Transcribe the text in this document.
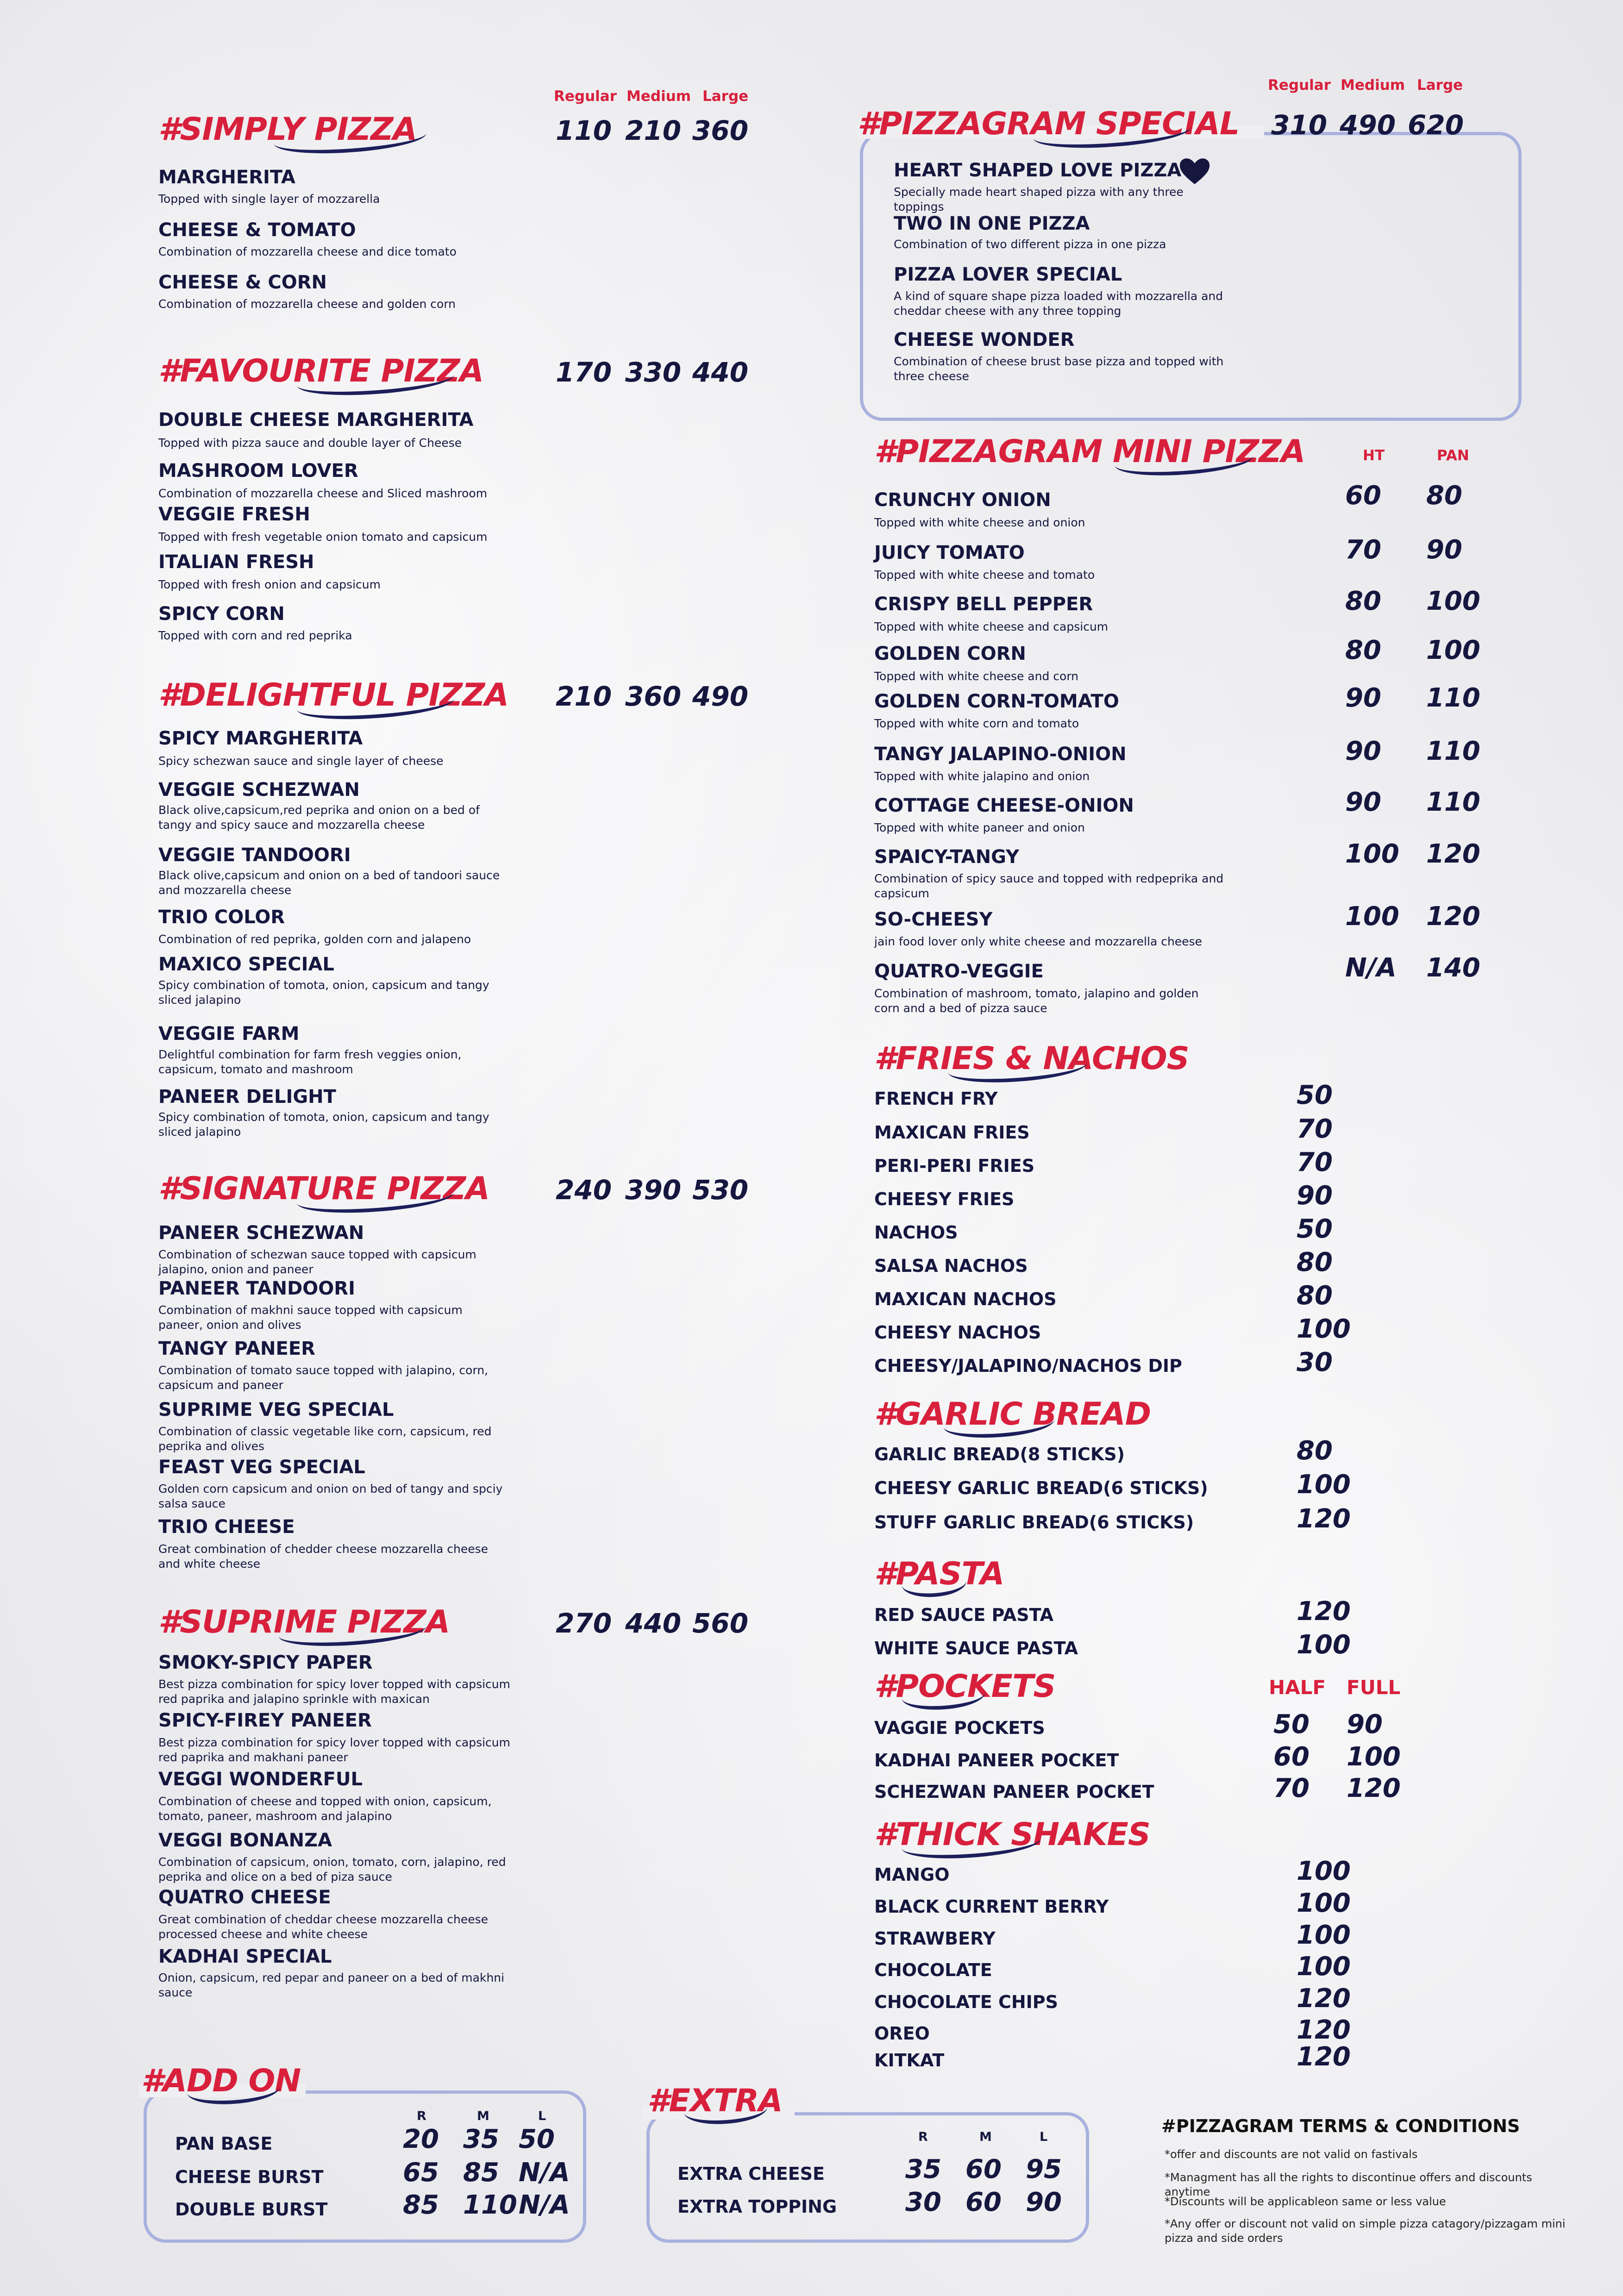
Regular Medium Large
#SIMPLY PIZZA	110 210 360
MARGHERITA
Topped with single layer of mozzarella
CHEESE & TOMATO
Combination of mozzarella cheese and dice tomato
CHEESE & CORN
Combination of mozzarella cheese and golden corn
#FAVOURITE PIZZA	170 330 440
DOUBLE CHEESE MARGHERITA
Topped with pizza sauce and double layer of Cheese
MASHROOM LOVER
Combination of mozzarella cheese and Sliced mashroom
VEGGIE FRESH
Topped with fresh vegetable onion tomato and capsicum
ITALIAN FRESH
Topped with fresh onion and capsicum
SPICY CORN
Topped with corn and red peprika
#DELIGHTFUL PIZZA 210 360 490
SPICY MARGHERITA
Spicy schezwan sauce and single layer of cheese
VEGGIE SCHEZWAN
Black olive,capsicum,red peprika and onion on a bed of tangy and spicy sauce and mozzarella cheese
VEGGIE TANDOORI
Black olive,capsicum and onion on a bed of tandoori sauce and mozzarella cheese
TRIO COLOR
Combination of red peprika, golden corn and jalapeno
MAXICO SPECIAL
Spicy combination of tomota, onion, capsicum and tangy sliced jalapino
VEGGIE FARM
Delightful combination for farm fresh veggies onion, capsicum, tomato and mashroom
PANEER DELIGHT
Spicy combination of tomota, onion, capsicum and tangy sliced jalapino
#SIGNATURE PIZZA 240 390 530
PANEER SCHEZWAN
Combination of schezwan sauce topped with capsicum jalapino, onion and paneer
PANEER TANDOORI
Combination of makhni sauce topped with capsicum paneer, onion and olives
TANGY PANEER
Combination of tomato sauce topped with jalapino, corn, capsicum and paneer
SUPRIME VEG SPECIAL
Combination of classic vegetable like corn, capsicum, red peprika and olives
FEAST VEG SPECIAL
Golden corn capsicum and onion on bed of tangy and spciy salsa sauce
TRIO CHEESE
Great combination of chedder cheese mozzarella cheese and white cheese
#SUPRIME PIZZA	270 440 560
SMOKY-SPICY PAPER
Best pizza combination for spicy lover topped with capsicum red paprika and jalapino sprinkle with maxican
SPICY-FIREY PANEER
Best pizza combination for spicy lover topped with capsicum red paprika and makhani paneer
VEGGI WONDERFUL
Combination of cheese and topped with onion, capsicum, tomato, paneer, mashroom and jalapino
VEGGI BONANZA
Combination of capsicum, onion, tomato, corn, jalapino, red peprika and olice on a bed of piza sauce
QUATRO CHEESE
Great combination of cheddar cheese mozzarella cheese processed cheese and white cheese
KADHAI SPECIAL
Onion, capsicum, red pepar and paneer on a bed of makhni sauce
Regular Medium Large
#PIZZAGRAM SPECIAL 310 490 620
HEART SHAPED LOVE PIZZA
Specially made heart shaped pizza with any three toppings
TWO IN ONE PIZZA
Combination of two different pizza in one pizza
PIZZA LOVER SPECIAL
A kind of square shape pizza loaded with mozzarella and cheddar cheese with any three topping
CHEESE WONDER
Combination of cheese brust base pizza and topped with three cheese
#PIZZAGRAM MINI PIZZA	HT	PAN
CRUNCHY ONION
Topped with white cheese and onion
60 80
JUICY TOMATO
Topped with white cheese and tomato
70 90
CRISPY BELL PEPPER
Topped with white cheese and capsicum
80 100
GOLDEN CORN
Topped with white cheese and corn
80 100
GOLDEN CORN-TOMATO
Topped with white corn and tomato
90 110
TANGY JALAPINO-ONION
Topped with white jalapino and onion
90 110
COTTAGE CHEESE-ONION
Topped with white paneer and onion
90 110
SPAICY-TANGY
Combination of spicy sauce and topped with redpeprika and capsicum
100 120
SO-CHEESY
jain food lover only white cheese and mozzarella cheese
100 120
QUATRO-VEGGIE
Combination of mashroom, tomato, jalapino and golden corn and a bed of pizza sauce
N/A 140
#FRIES & NACHOS
FRENCH FRY	50
MAXICAN FRIES	70
PERI-PERI FRIES	70
CHEESY FRIES	90
NACHOS	50
SALSA NACHOS	80
MAXICAN NACHOS	80
CHEESY NACHOS	100
CHEESY/JALAPINO/NACHOS DIP	30
#GARLIC BREAD
GARLIC BREAD(8 STICKS)	80
CHEESY GARLIC BREAD(6 STICKS)	100
STUFF GARLIC BREAD(6 STICKS)	120
#PASTA
RED SAUCE PASTA	120
WHITE SAUCE PASTA	100
#POCKETS	HALF FULL
VAGGIE POCKETS	50 90
KADHAI PANEER POCKET	60 100
SCHEZWAN PANEER POCKET	70 120
#THICK SHAKES
MANGO	100
BLACK CURRENT BERRY	100
STRAWBERY	100
CHOCOLATE	100
CHOCOLATE CHIPS	120
OREO	120
KITKAT	120
#ADD ON
R	M	L
PAN BASE	20 35 50
CHEESE BURST	65 85 N/A
DOUBLE BURST	85 110 N/A
#EXTRA
R	M	L
EXTRA CHEESE	35 60 95
EXTRA TOPPING	30 60 90
#PIZZAGRAM TERMS & CONDITIONS
*offer and discounts are not valid on fastivals
*Managment has all the rights to discontinue offers and discounts anytime
*Discounts will be applicableon same or less value
*Any offer or discount not valid on simple pizza catagory/pizzagam mini pizza and side orders
